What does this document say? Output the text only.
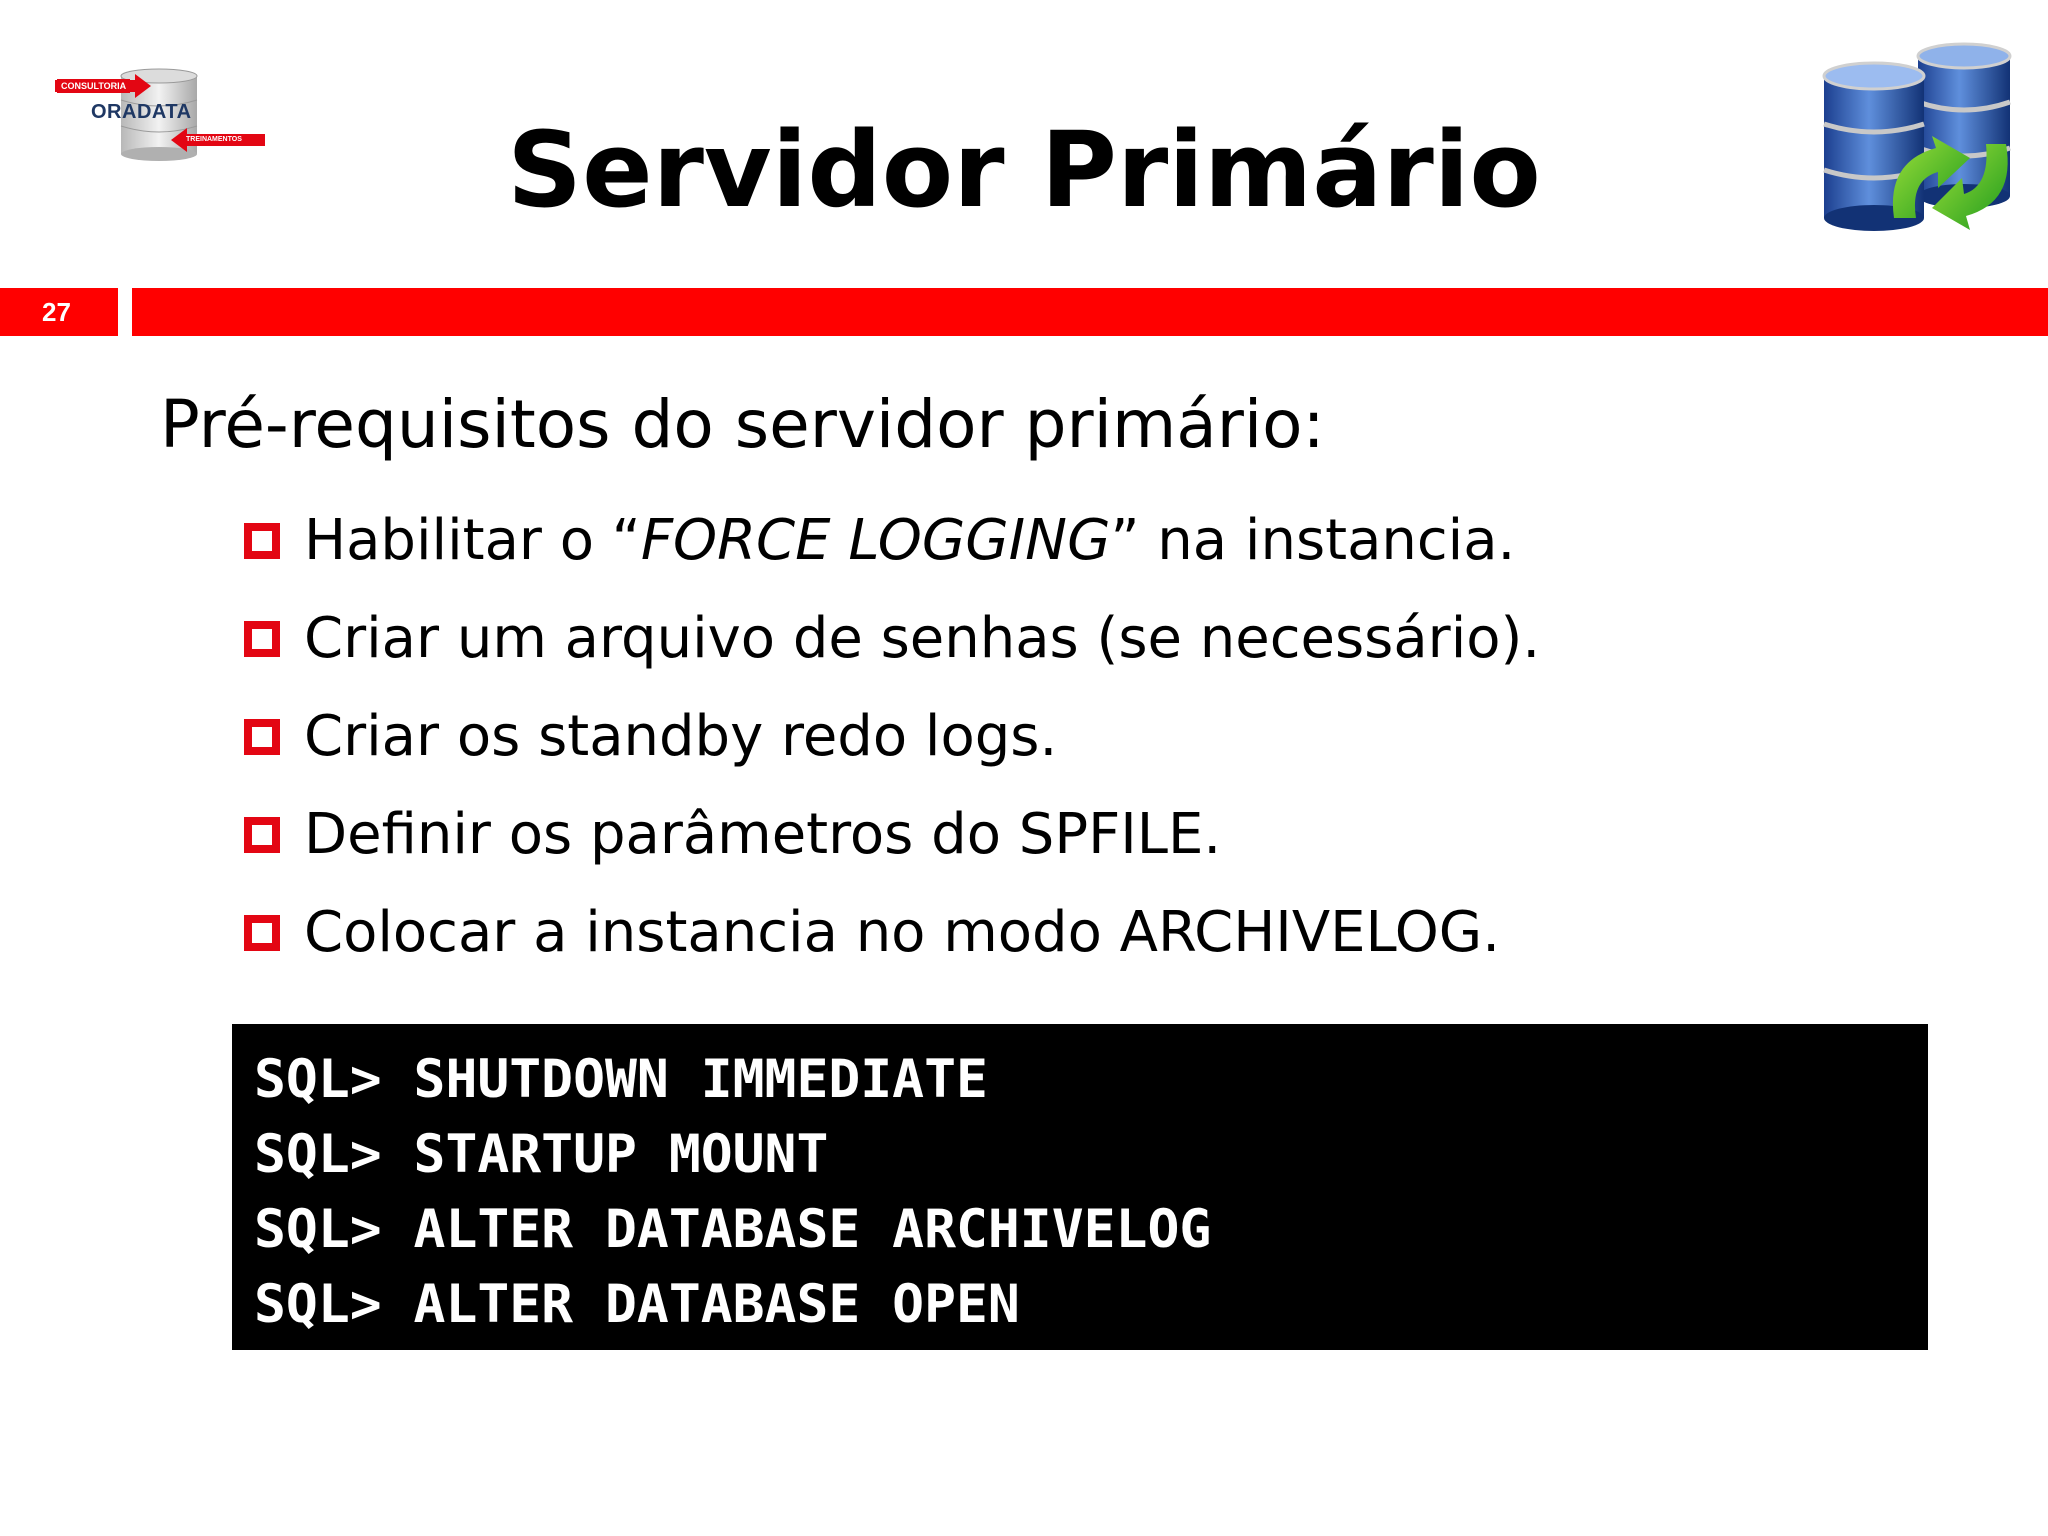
CONSULTORIA
ORADATA
TREINAMENTOS	Servidor Primário
27
Pré-requisitos do servidor primário:
Habilitar o “FORCE LOGGING” na instancia.
Criar um arquivo de senhas (se necessário).
Criar os standby redo logs.
Definir os parâmetros do SPFILE.
Colocar a instancia no modo ARCHIVELOG.
SQL> SHUTDOWN IMMEDIATE
SQL> STARTUP MOUNT
SQL> ALTER DATABASE ARCHIVELOG
SQL> ALTER DATABASE OPEN
